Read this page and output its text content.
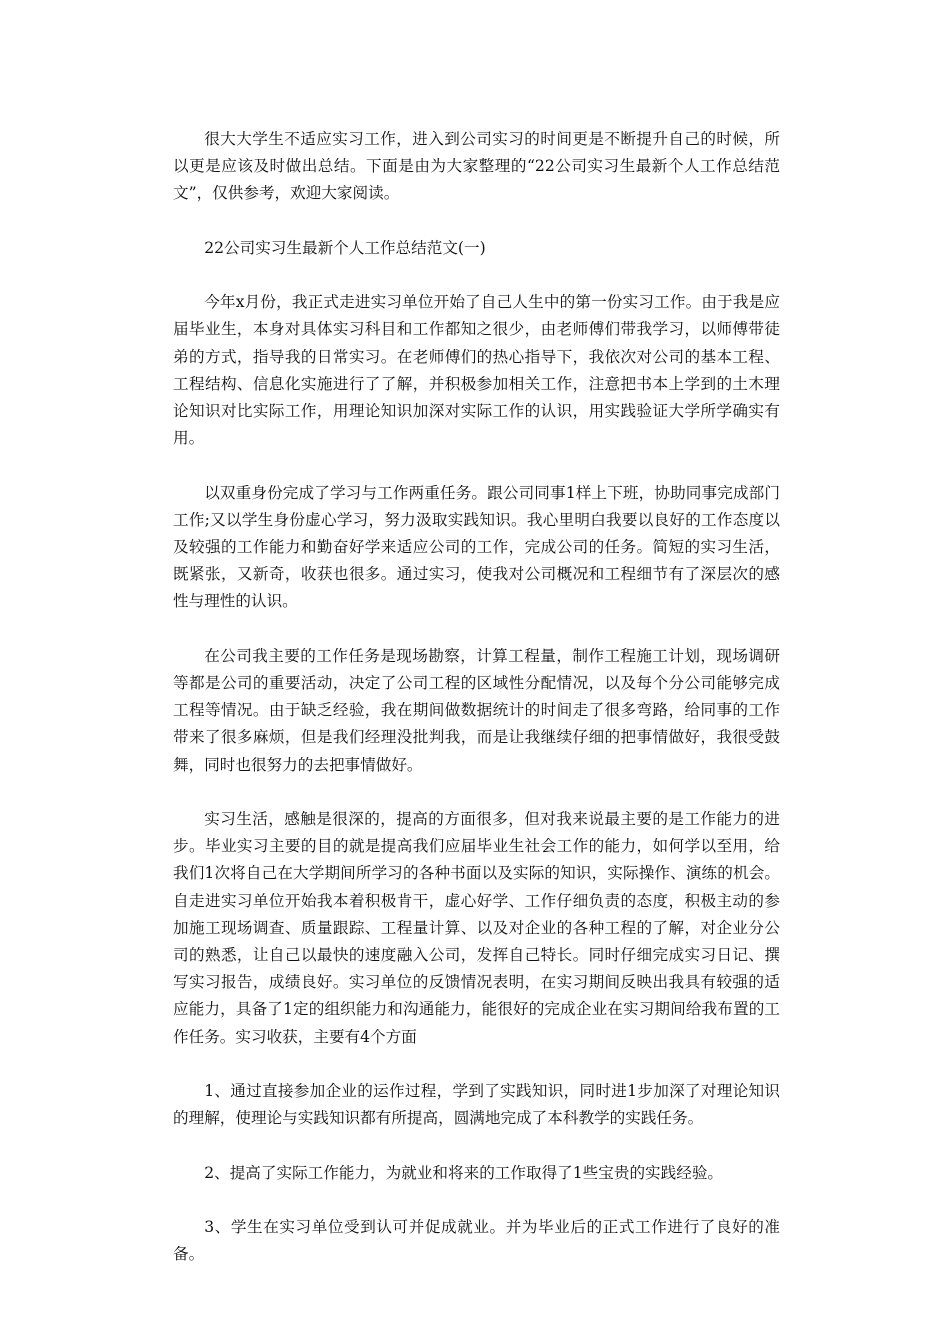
很大大学生不适应实习工作，进入到公司实习的时间更是不断提升自己的时候，所以更是应该及时做出总结。下面是由为大家整理的“22公司实习生最新个人工作总结范文”，仅供参考，欢迎大家阅读。

22公司实习生最新个人工作总结范文(一)

今年x月份，我正式走进实习单位开始了自己人生中的第一份实习工作。由于我是应届毕业生，本身对具体实习科目和工作都知之很少，由老师傅们带我学习，以师傅带徒弟的方式，指导我的日常实习。在老师傅们的热心指导下，我依次对公司的基本工程、工程结构、信息化实施进行了了解，并积极参加相关工作，注意把书本上学到的土木理论知识对比实际工作，用理论知识加深对实际工作的认识，用实践验证大学所学确实有用。

以双重身份完成了学习与工作两重任务。跟公司同事1样上下班，协助同事完成部门工作;又以学生身份虚心学习，努力汲取实践知识。我心里明白我要以良好的工作态度以及较强的工作能力和勤奋好学来适应公司的工作，完成公司的任务。简短的实习生活，既紧张，又新奇，收获也很多。通过实习，使我对公司概况和工程细节有了深层次的感性与理性的认识。

在公司我主要的工作任务是现场勘察，计算工程量，制作工程施工计划，现场调研等都是公司的重要活动，决定了公司工程的区域性分配情况，以及每个分公司能够完成工程等情况。由于缺乏经验，我在期间做数据统计的时间走了很多弯路，给同事的工作带来了很多麻烦，但是我们经理没批判我，而是让我继续仔细的把事情做好，我很受鼓舞，同时也很努力的去把事情做好。

实习生活，感触是很深的，提高的方面很多，但对我来说最主要的是工作能力的进步。毕业实习主要的目的就是提高我们应届毕业生社会工作的能力，如何学以至用，给我们1次将自己在大学期间所学习的各种书面以及实际的知识，实际操作、演练的机会。自走进实习单位开始我本着积极肯干，虚心好学、工作仔细负责的态度，积极主动的参加施工现场调查、质量跟踪、工程量计算、以及对企业的各种工程的了解，对企业分公司的熟悉，让自己以最快的速度融入公司，发挥自己特长。同时仔细完成实习日记、撰写实习报告，成绩良好。实习单位的反馈情况表明，在实习期间反映出我具有较强的适应能力，具备了1定的组织能力和沟通能力，能很好的完成企业在实习期间给我布置的工作任务。实习收获，主要有4个方面

1、通过直接参加企业的运作过程，学到了实践知识，同时进1步加深了对理论知识的理解，使理论与实践知识都有所提高，圆满地完成了本科教学的实践任务。

2、提高了实际工作能力，为就业和将来的工作取得了1些宝贵的实践经验。

3、学生在实习单位受到认可并促成就业。并为毕业后的正式工作进行了良好的准备。
